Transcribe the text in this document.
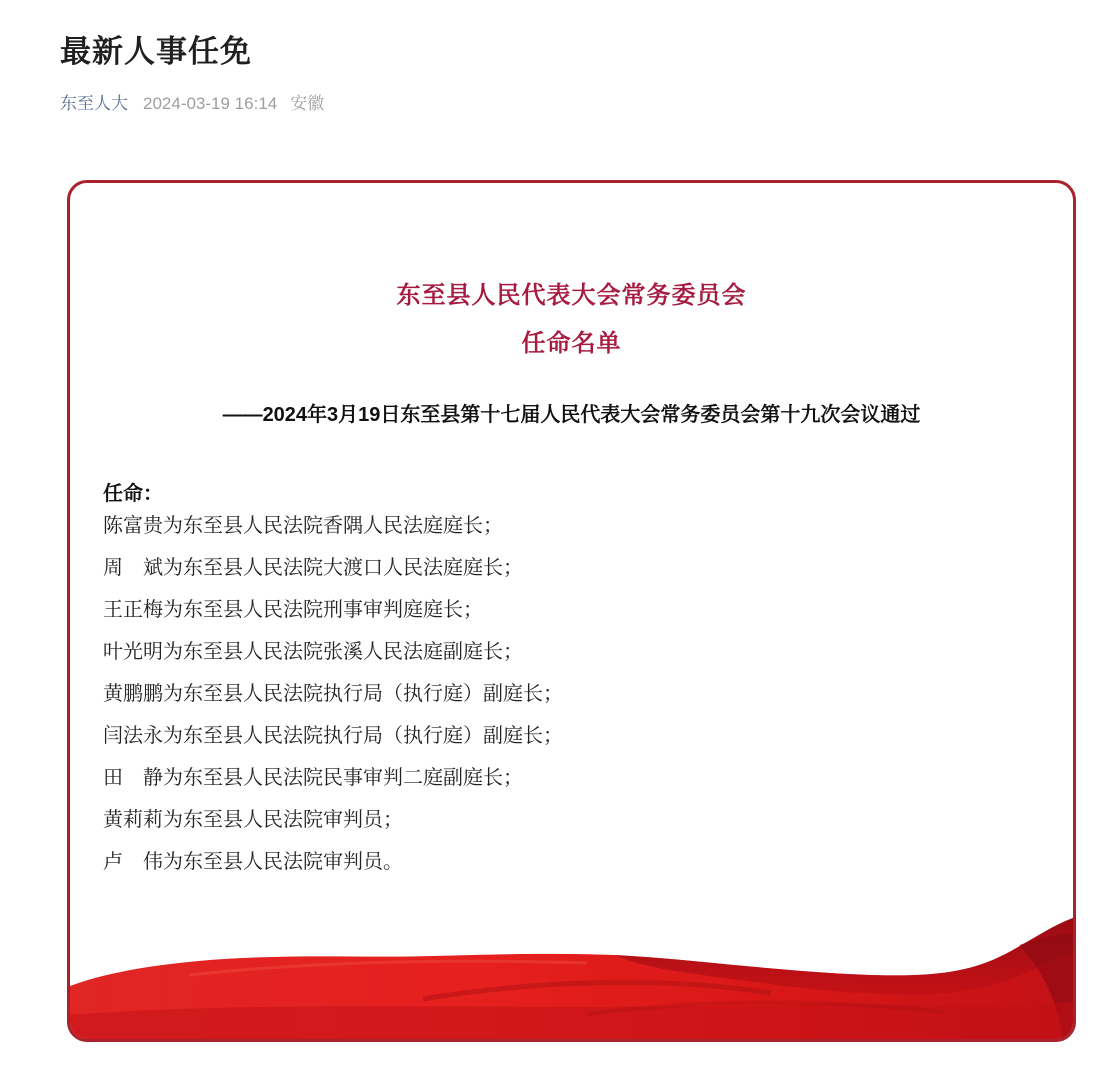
最新人事任免
东至人大 2024-03-19 16:14 安徽
东至县人民代表大会常务委员会
任命名单
——2024年3月19日东至县第十七届人民代表大会常务委员会第十九次会议通过
任命：

陈富贵为东至县人民法院香隅人民法庭庭长；

周　斌为东至县人民法院大渡口人民法庭庭长；

王正梅为东至县人民法院刑事审判庭庭长；

叶光明为东至县人民法院张溪人民法庭副庭长；

黄鹏鹏为东至县人民法院执行局（执行庭）副庭长；

闫法永为东至县人民法院执行局（执行庭）副庭长；

田　静为东至县人民法院民事审判二庭副庭长；

黄莉莉为东至县人民法院审判员；

卢　伟为东至县人民法院审判员。
